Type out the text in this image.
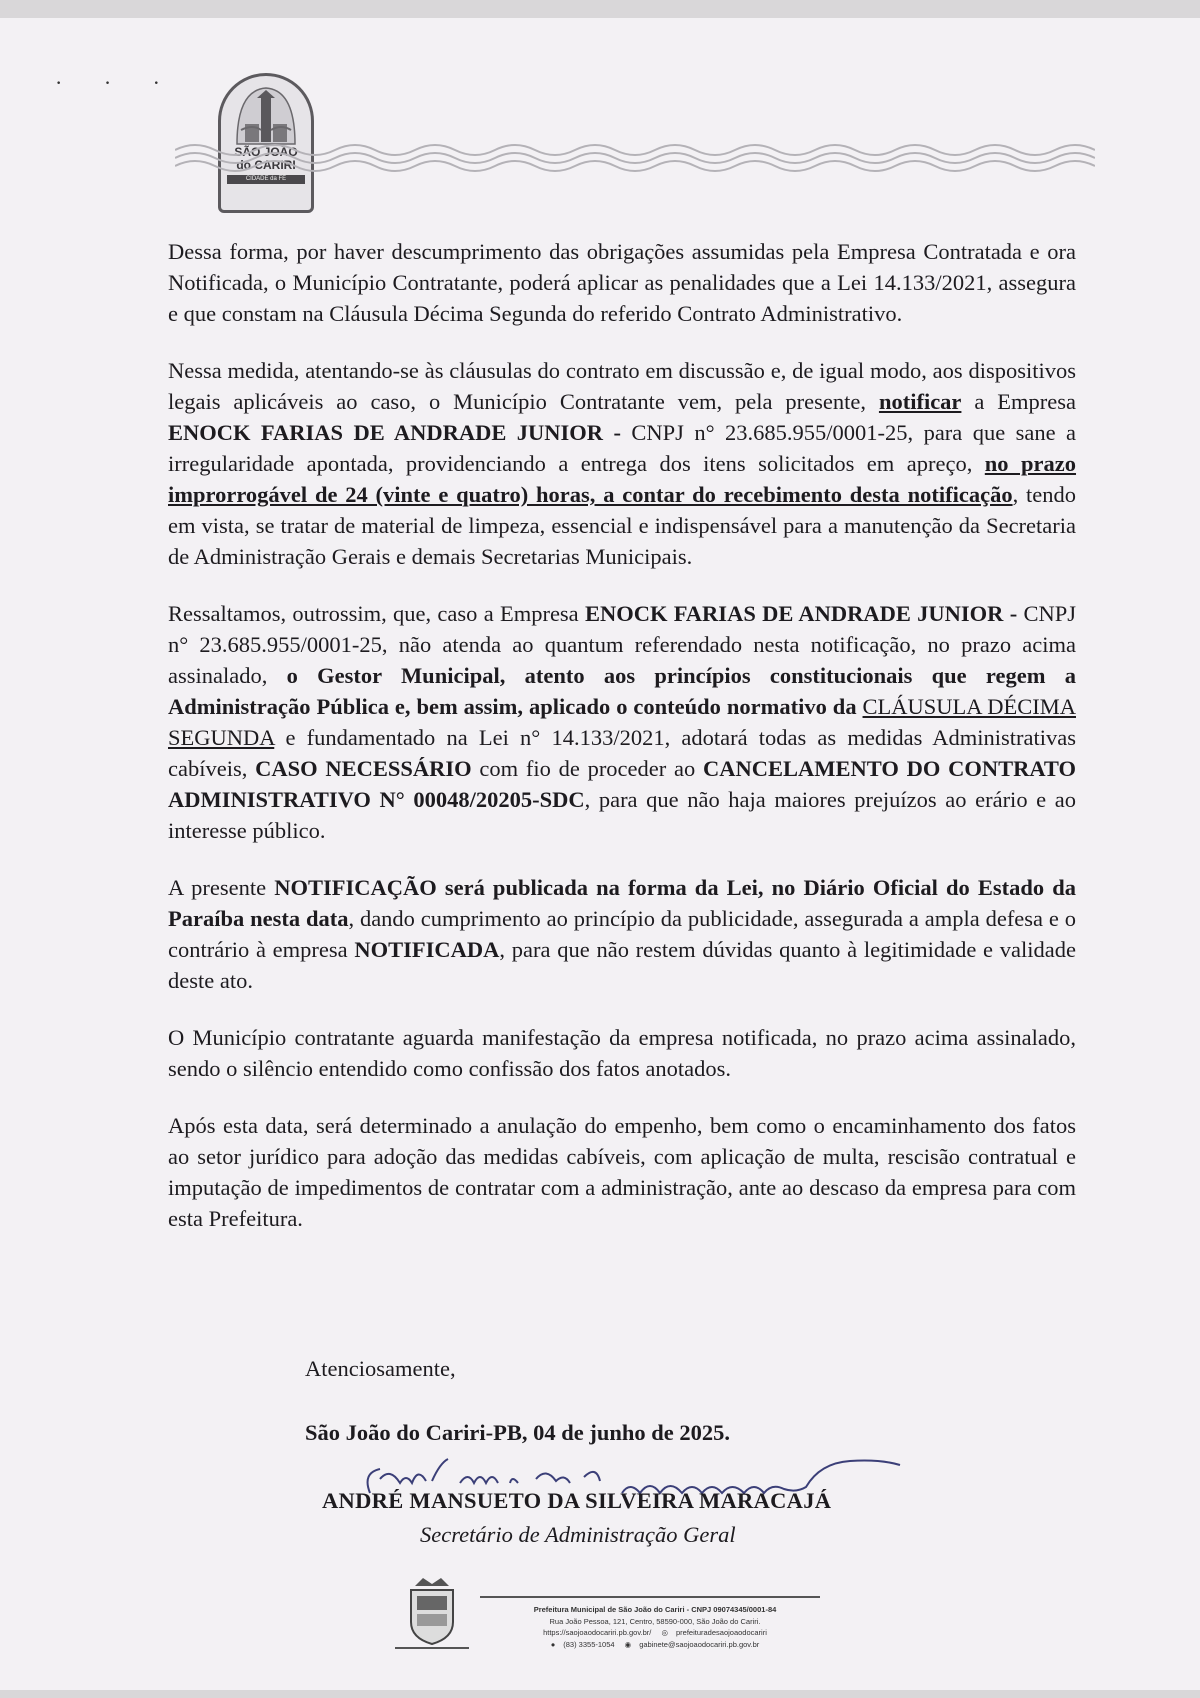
· · ·
SÃO JOÃO
do CARIRI
CIDADE da FÉ

Dessa forma, por haver descumprimento das obrigações assumidas pela Empresa Contratada e ora Notificada, o Município Contratante, poderá aplicar as penalidades que a Lei 14.133/2021, assegura e que constam na Cláusula Décima Segunda do referido Contrato Administrativo.

Nessa medida, atentando-se às cláusulas do contrato em discussão e, de igual modo, aos dispositivos legais aplicáveis ao caso, o Município Contratante vem, pela presente, notificar a Empresa ENOCK FARIAS DE ANDRADE JUNIOR - CNPJ n° 23.685.955/0001-25, para que sane a irregularidade apontada, providenciando a entrega dos itens solicitados em apreço, no prazo improrrogável de 24 (vinte e quatro) horas, a contar do recebimento desta notificação, tendo em vista, se tratar de material de limpeza, essencial e indispensável para a manutenção da Secretaria de Administração Gerais e demais Secretarias Municipais.

Ressaltamos, outrossim, que, caso a Empresa ENOCK FARIAS DE ANDRADE JUNIOR - CNPJ n° 23.685.955/0001-25, não atenda ao quantum referendado nesta notificação, no prazo acima assinalado, o Gestor Municipal, atento aos princípios constitucionais que regem a Administração Pública e, bem assim, aplicado o conteúdo normativo da CLÁUSULA DÉCIMA SEGUNDA e fundamentado na Lei n° 14.133/2021, adotará todas as medidas Administrativas cabíveis, CASO NECESSÁRIO com fio de proceder ao CANCELAMENTO DO CONTRATO ADMINISTRATIVO N° 00048/20205-SDC, para que não haja maiores prejuízos ao erário e ao interesse público.

A presente NOTIFICAÇÃO será publicada na forma da Lei, no Diário Oficial do Estado da Paraíba nesta data, dando cumprimento ao princípio da publicidade, assegurada a ampla defesa e o contrário à empresa NOTIFICADA, para que não restem dúvidas quanto à legitimidade e validade deste ato.

O Município contratante aguarda manifestação da empresa notificada, no prazo acima assinalado, sendo o silêncio entendido como confissão dos fatos anotados.

Após esta data, será determinado a anulação do empenho, bem como o encaminhamento dos fatos ao setor jurídico para adoção das medidas cabíveis, com aplicação de multa, rescisão contratual e imputação de impedimentos de contratar com a administração, ante ao descaso da empresa para com esta Prefeitura.

Atenciosamente,
São João do Cariri-PB, 04 de junho de 2025.
André m. da S. Maracajá
ANDRÉ MANSUETO DA SILVEIRA MARACAJÁ
Secretário de Administração Geral
Prefeitura Municipal de São João do Cariri - CNPJ 09074345/0001-84
Rua João Pessoa, 121, Centro, 58590-000, São João do Cariri.
https://saojoaodocariri.pb.gov.br/ ◎ prefeituradesaojoaodocariri
● (83) 3355-1054 ◉ gabinete@saojoaodocariri.pb.gov.br
